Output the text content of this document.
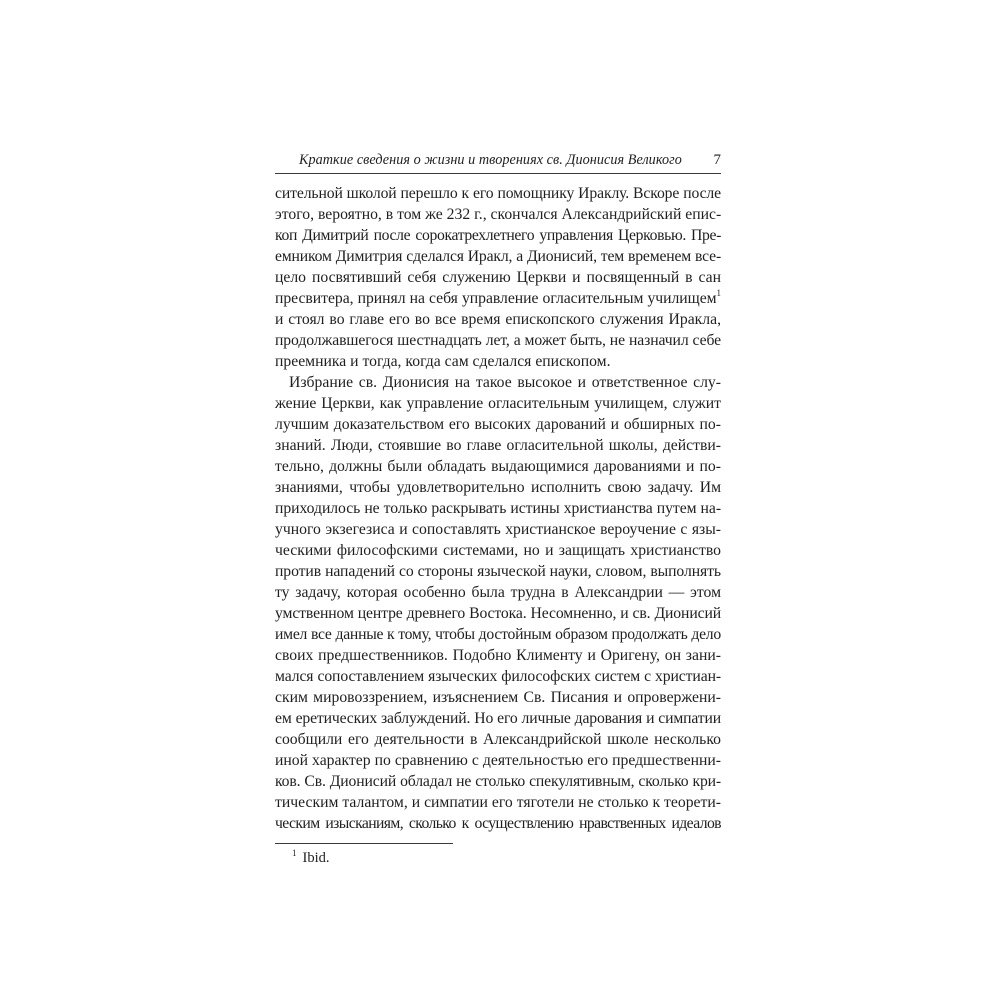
Краткие сведения о жизни и творениях св. Дионисия Великого 7
сительной школой перешло к его помощнику Ираклу. Вскоре после
этого, вероятно, в том же 232 г., скончался Александрийский епис-
коп Димитрий после сорокатрехлетнего управления Церковью. Пре-
емником Димитрия сделался Иракл, а Дионисий, тем временем все-
цело посвятивший себя служению Церкви и посвященный в сан
пресвитера, принял на себя управление огласительным училищем$^1$
и стоял во главе его во все время епископского служения Иракла,
продолжавшегося шестнадцать лет, а может быть, не назначил себе
преемника и тогда, когда сам сделался епископом.
Избрание св. Дионисия на такое высокое и ответственное слу-
жение Церкви, как управление огласительным училищем, служит
лучшим доказательством его высоких дарований и обширных по-
знаний. Люди, стоявшие во главе огласительной школы, действи-
тельно, должны были обладать выдающимися дарованиями и по-
знаниями, чтобы удовлетворительно исполнить свою задачу. Им
приходилось не только раскрывать истины христианства путем на-
учного экзегезиса и сопоставлять христианское вероучение с язы-
ческими философскими системами, но и защищать христианство
против нападений со стороны языческой науки, словом, выполнять
ту задачу, которая особенно была трудна в Александрии — этом
умственном центре древнего Востока. Несомненно, и св. Дионисий
имел все данные к тому, чтобы достойным образом продолжать дело
своих предшественников. Подобно Клименту и Оригену, он зани-
мался сопоставлением языческих философских систем с христиан-
ским мировоззрением, изъяснением Св. Писания и опровержени-
ем еретических заблуждений. Но его личные дарования и симпатии
сообщили его деятельности в Александрийской школе несколько
иной характер по сравнению с деятельностью его предшественни-
ков. Св. Дионисий обладал не столько спекулятивным, сколько кри-
тическим талантом, и симпатии его тяготели не столько к теорети-
ческим изысканиям, сколько к осуществлению нравственных идеалов
$^1$ Ibid.
